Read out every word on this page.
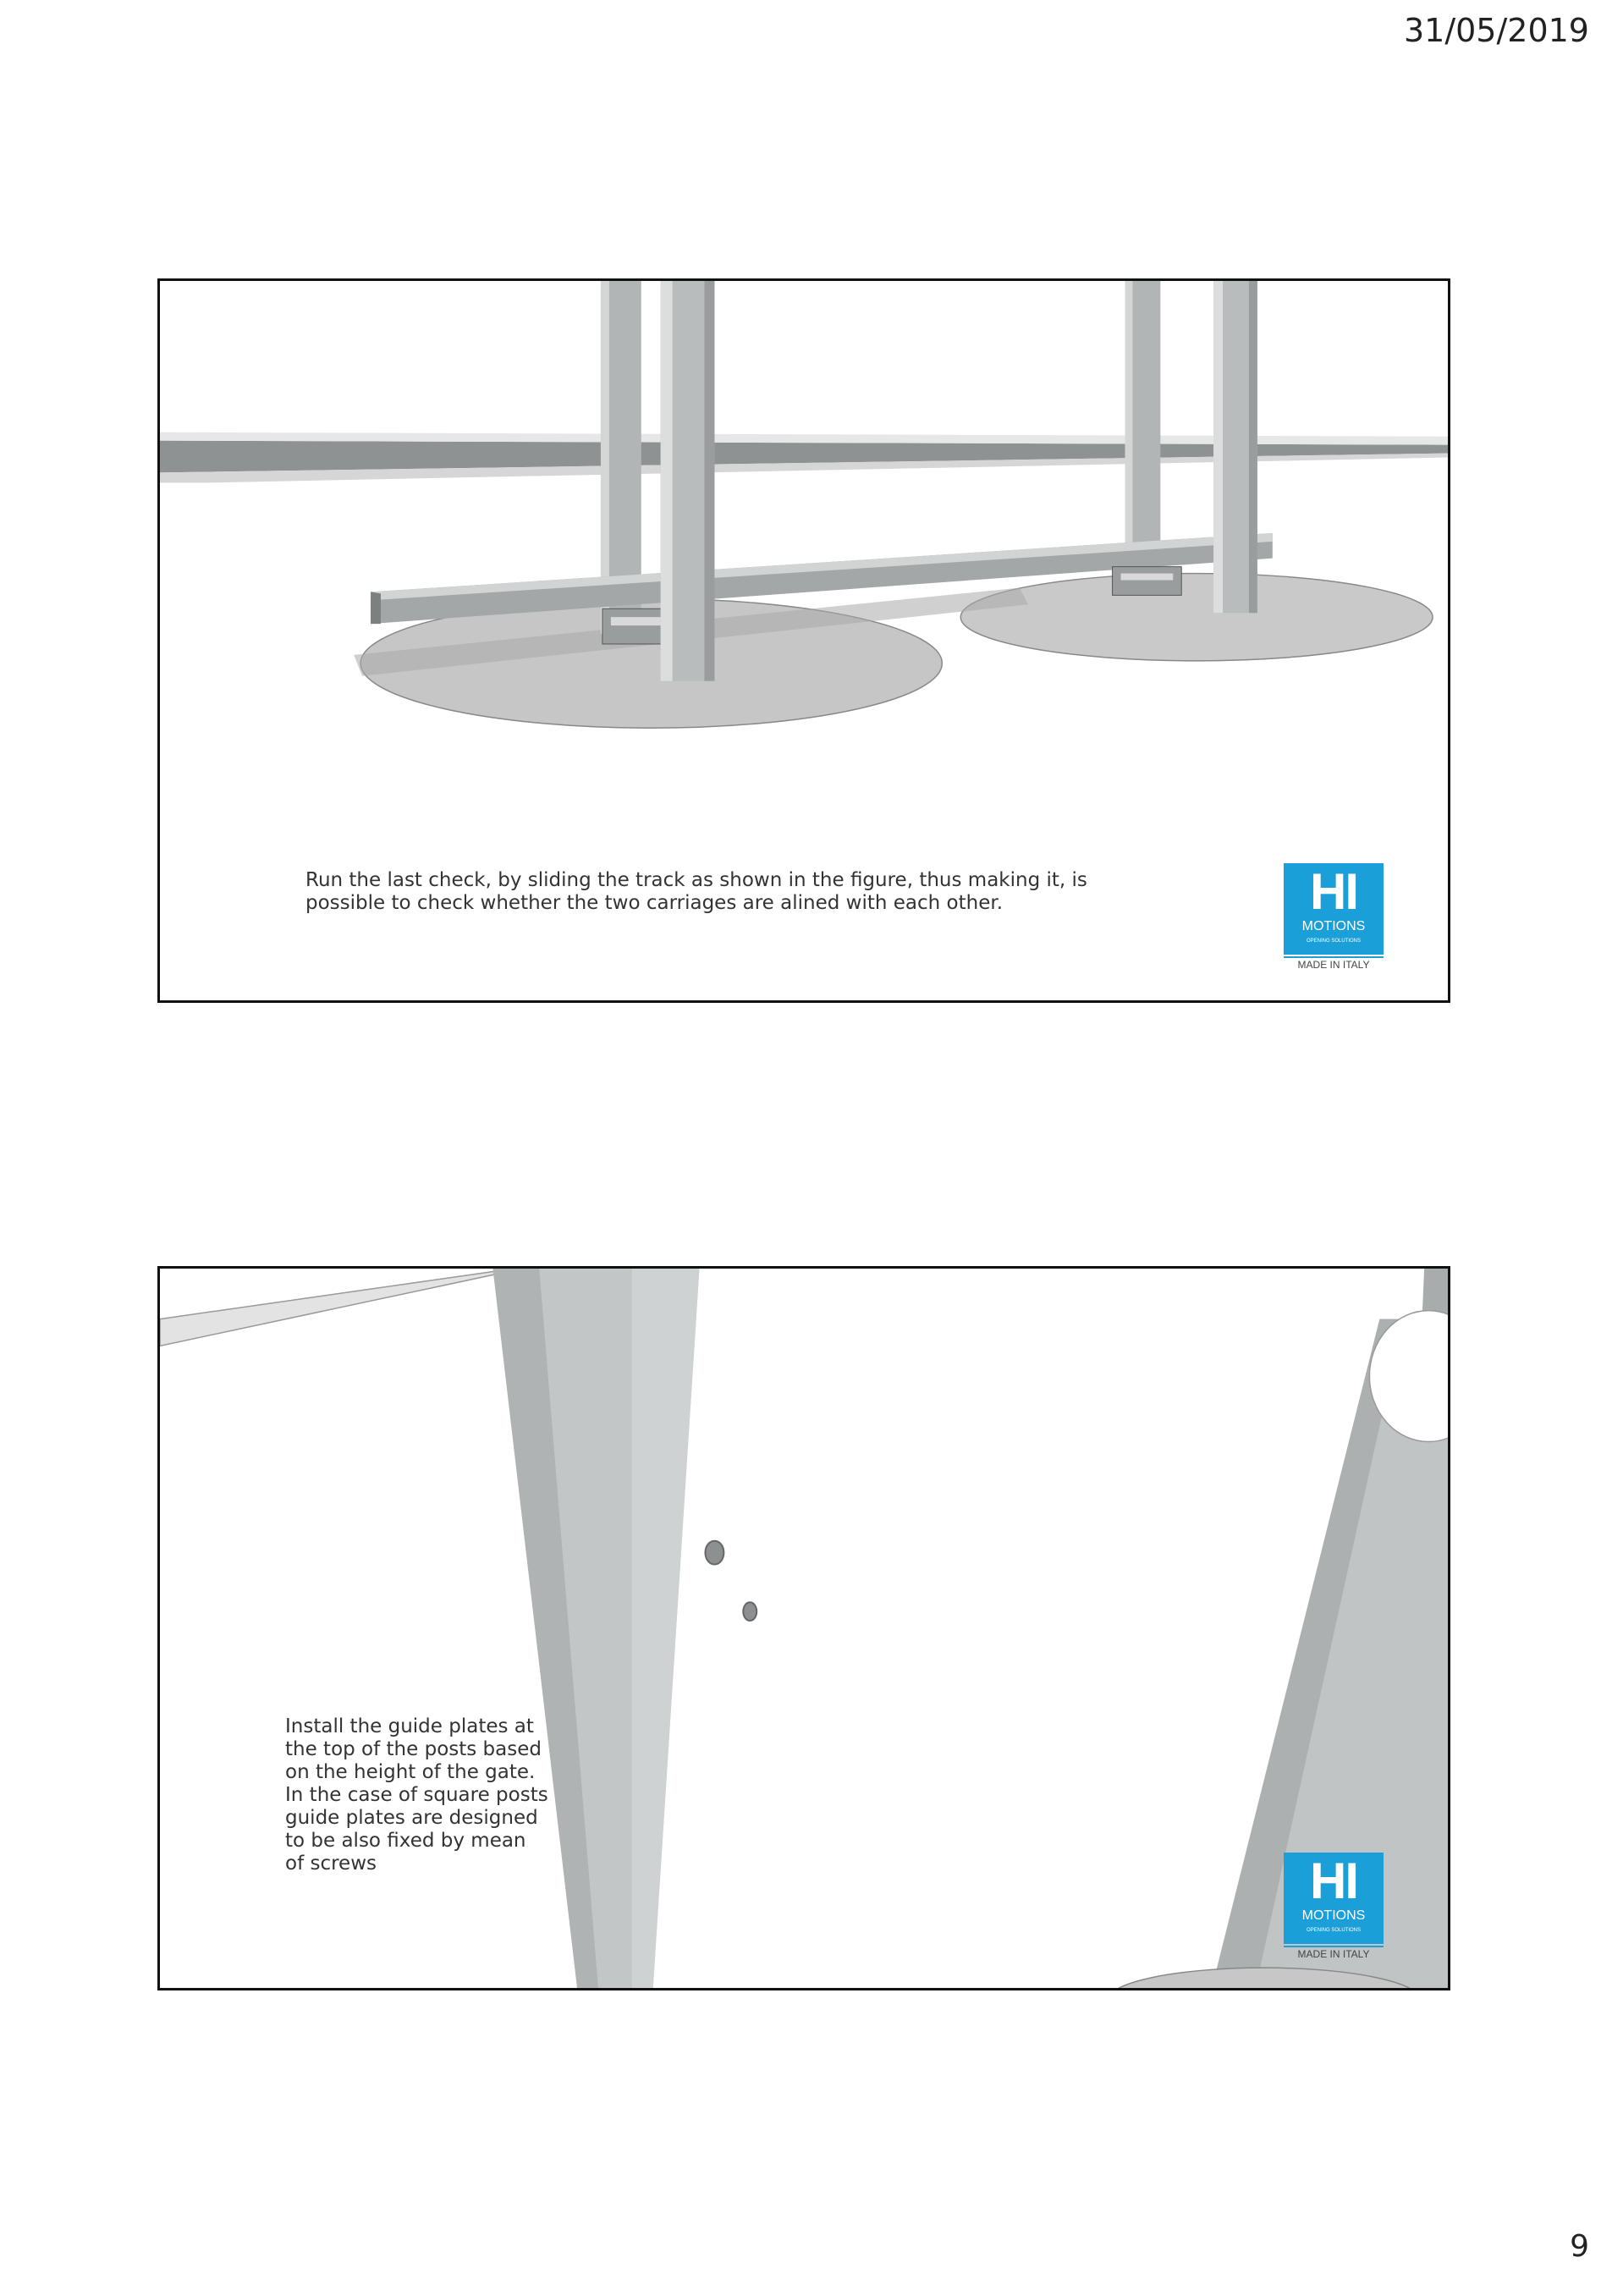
31/05/2019
Run the last check, by sliding the track as shown in the figure, thus making it, is
possible to check whether the two carriages are alined with each other.	HI
MOTIONS
OPENING SOLUTIONS
MADE IN ITALY
Install the guide plates at
the top of the posts based
on the height of the gate.
In the case of square posts
guide plates are designed
to be also fixed by mean
of screws	HI
MOTIONS
OPENING SOLUTIONS
MADE IN ITALY
9
